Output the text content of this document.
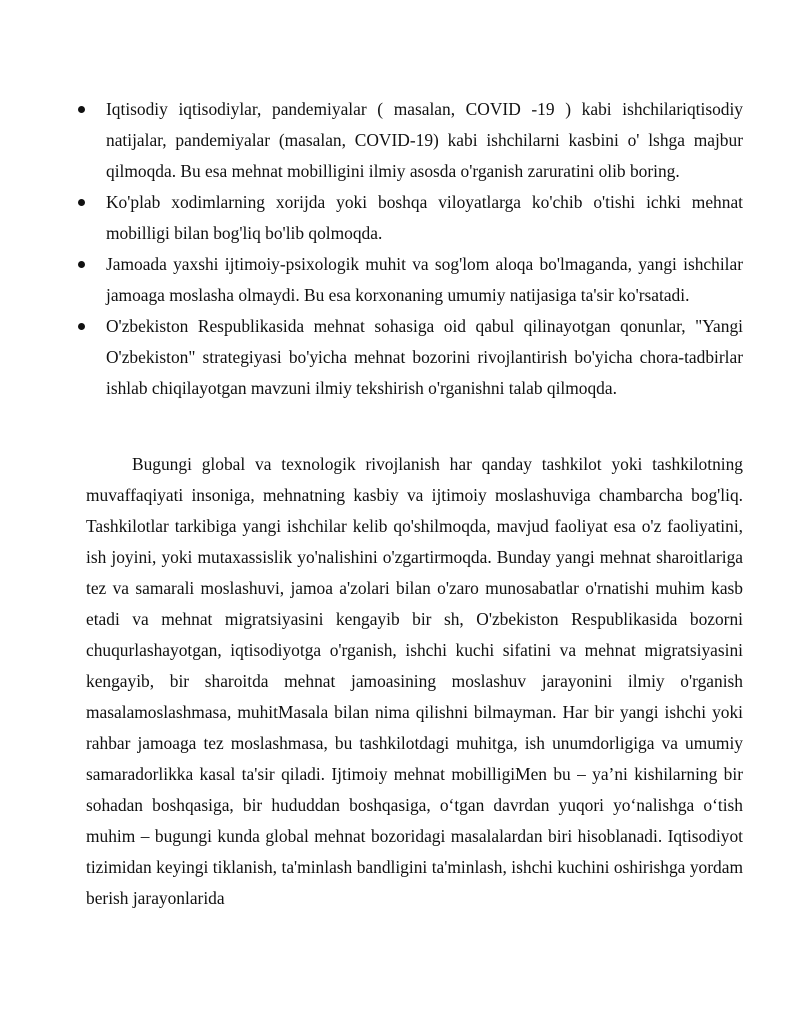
Iqtisodiy iqtisodiylar, pandemiyalar ( masalan, COVID -19 ) kabi ishchilariqtisodiy natijalar, pandemiyalar (masalan, COVID-19) kabi ishchilarni kasbini o' lshga majbur qilmoqda. Bu esa mehnat mobilligini ilmiy asosda o'rganish zaruratini olib boring.
Ko'plab xodimlarning xorijda yoki boshqa viloyatlarga ko'chib o'tishi ichki mehnat mobilligi bilan bog'liq bo'lib qolmoqda.
Jamoada yaxshi ijtimoiy-psixologik muhit va sog'lom aloqa bo'lmaganda, yangi ishchilar jamoaga moslasha olmaydi. Bu esa korxonaning umumiy natijasiga ta'sir ko'rsatadi.
O'zbekiston Respublikasida mehnat sohasiga oid qabul qilinayotgan qonunlar, "Yangi O'zbekiston" strategiyasi bo'yicha mehnat bozorini rivojlantirish bo'yicha chora-tadbirlar ishlab chiqilayotgan mavzuni ilmiy tekshirish o'rganishni talab qilmoqda.

Bugungi global va texnologik rivojlanish har qanday tashkilot yoki tashkilotning muvaffaqiyati insoniga, mehnatning kasbiy va ijtimoiy moslashuviga chambarcha bog'liq. Tashkilotlar tarkibiga yangi ishchilar kelib qo'shilmoqda, mavjud faoliyat esa o'z faoliyatini, ish joyini, yoki mutaxassislik yo'nalishini o'zgartirmoqda. Bunday yangi mehnat sharoitlariga tez va samarali moslashuvi, jamoa a'zolari bilan o'zaro munosabatlar o'rnatishi muhim kasb etadi va mehnat migratsiyasini kengayib bir sh, O'zbekiston Respublikasida bozorni chuqurlashayotgan, iqtisodiyotga o'rganish, ishchi kuchi sifatini va mehnat migratsiyasini kengayib, bir sharoitda mehnat jamoasining moslashuv jarayonini ilmiy o'rganish masalamoslashmasa, muhitMasala bilan nima qilishni bilmayman. Har bir yangi ishchi yoki rahbar jamoaga tez moslashmasa, bu tashkilotdagi muhitga, ish unumdorligiga va umumiy samaradorlikka kasal ta'sir qiladi. Ijtimoiy mehnat mobilligiMen bu – ya’ni kishilarning bir sohadan boshqasiga, bir hududdan boshqasiga, o‘tgan davrdan yuqori yo‘nalishga o‘tish muhim – bugungi kunda global mehnat bozoridagi masalalardan biri hisoblanadi. Iqtisodiyot tizimidan keyingi tiklanish, ta'minlash bandligini ta'minlash, ishchi kuchini oshirishga yordam berish jarayonlarida
